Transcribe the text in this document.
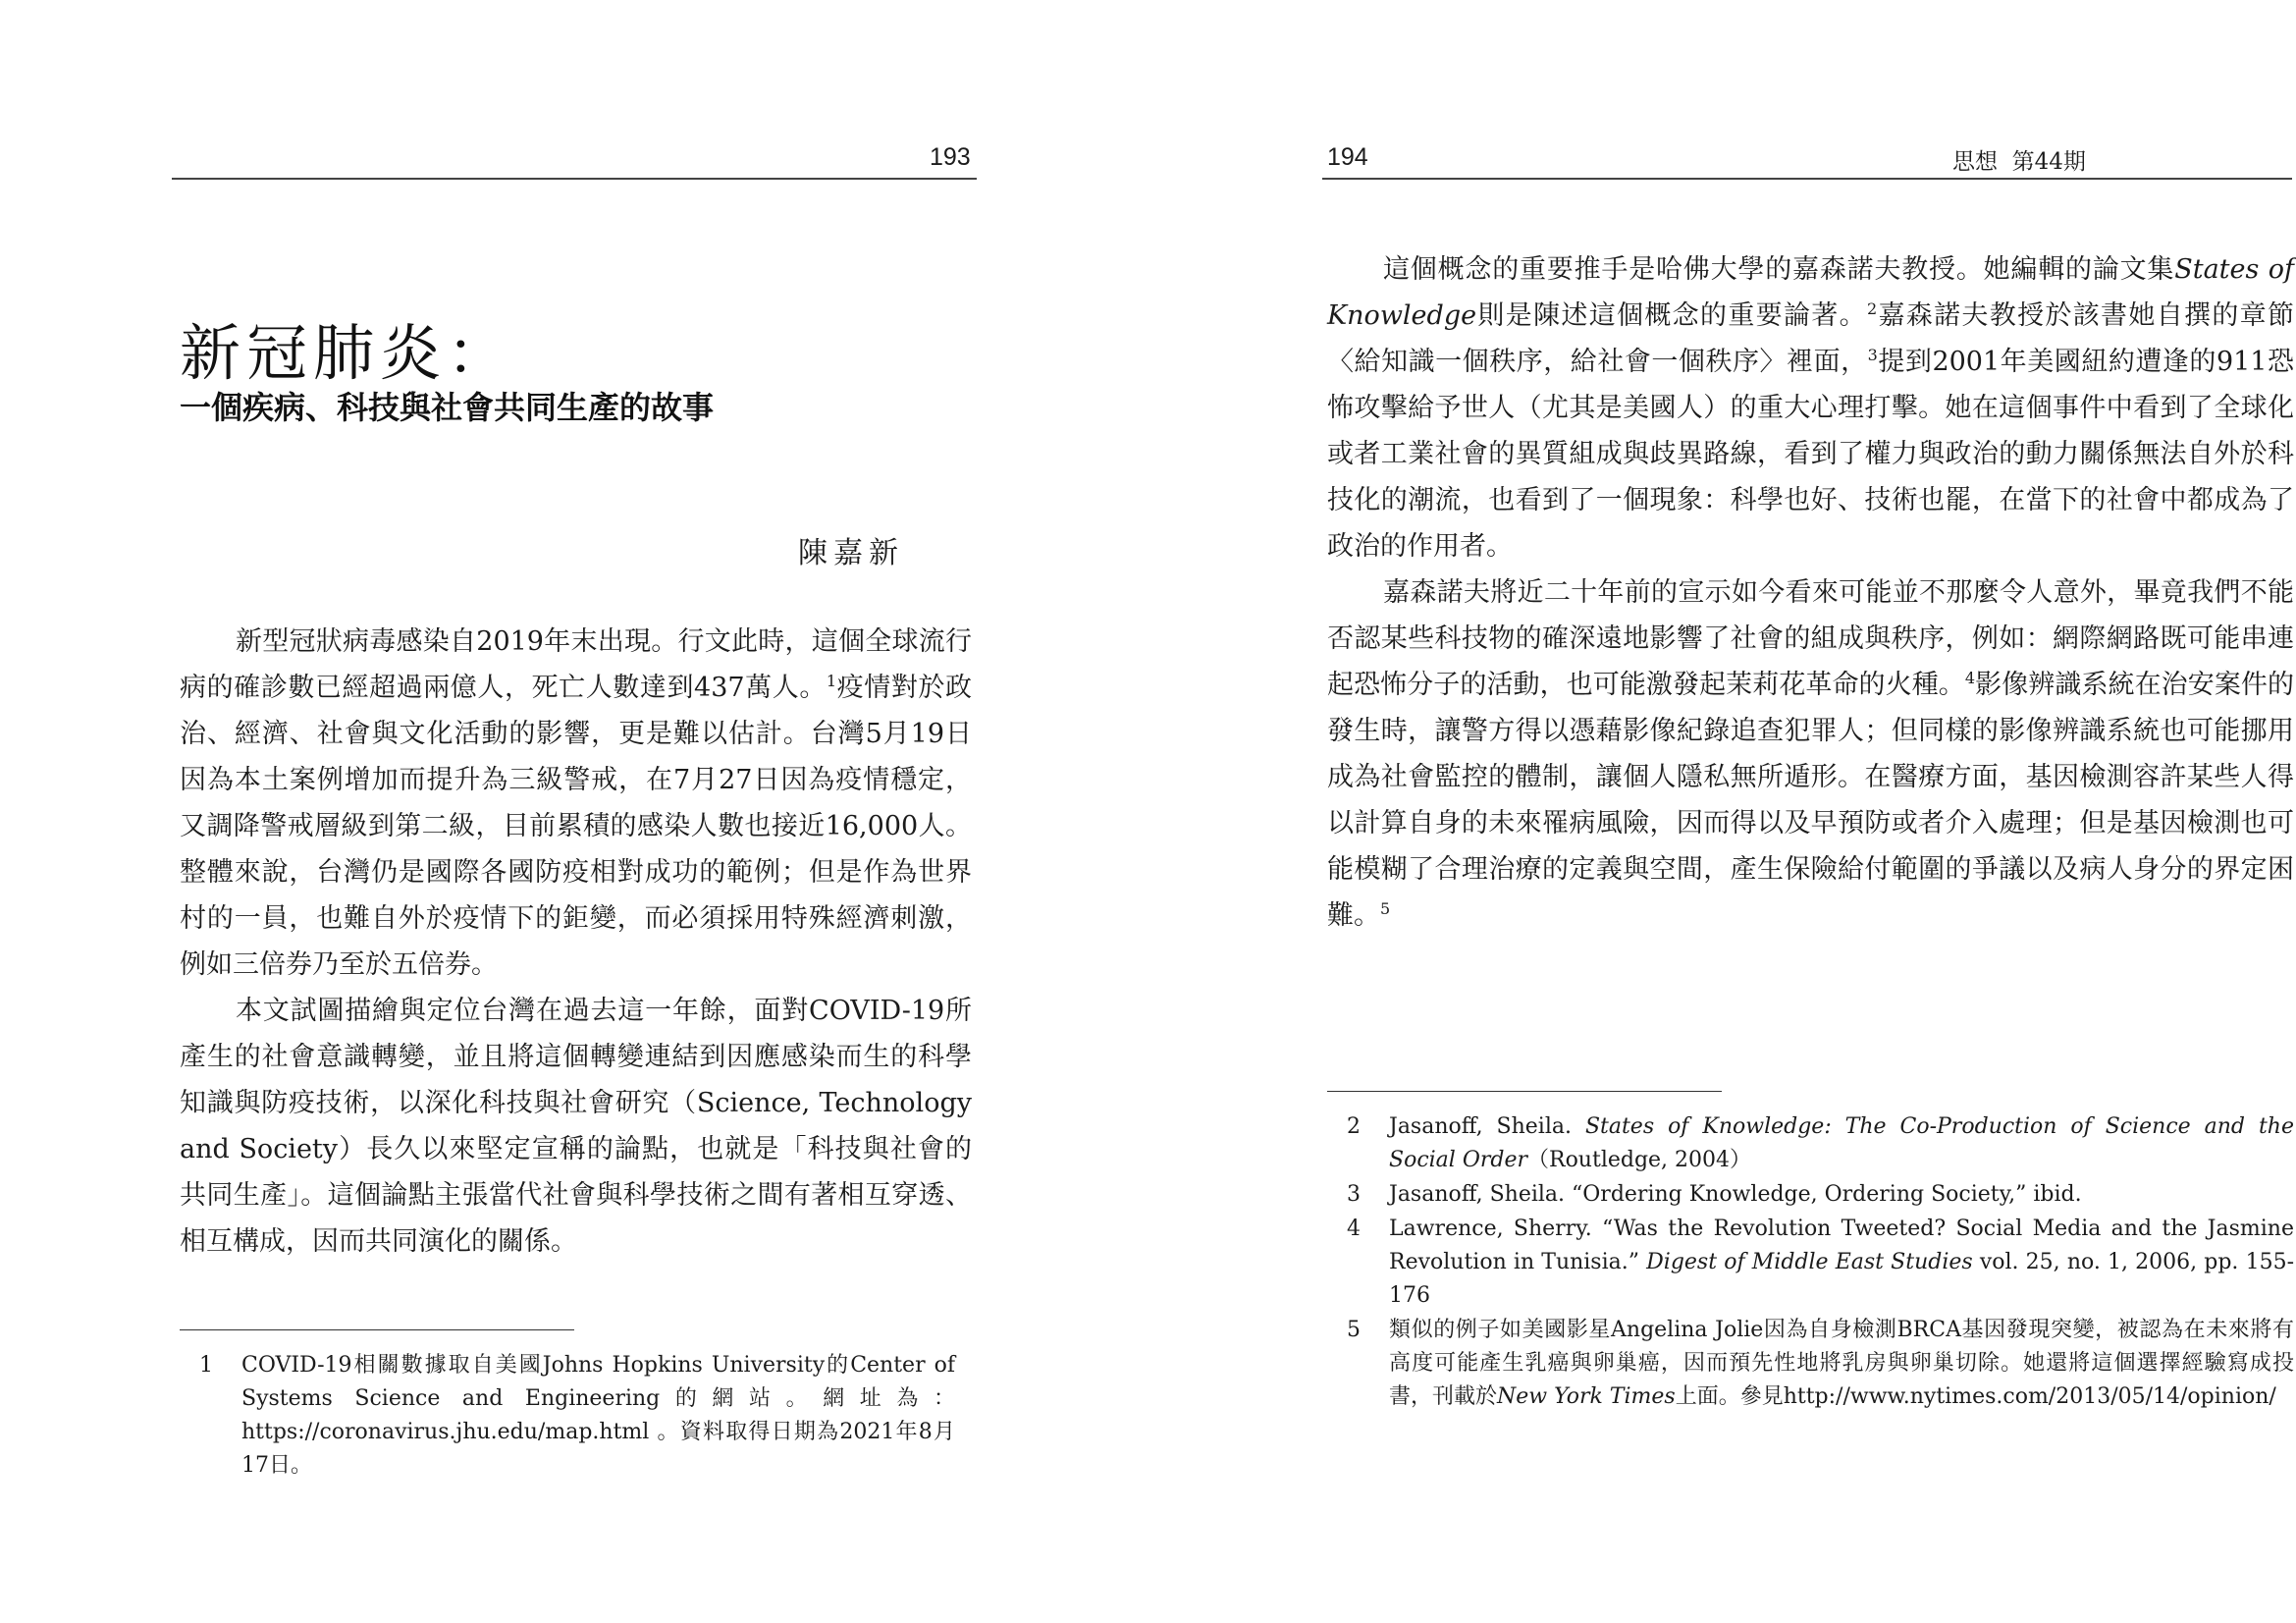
193
新冠肺炎：
一個疾病、科技與社會共同生產的故事
陳嘉新

新型冠狀病毒感染自2019年末出現。行文此時，這個全球流行病的確診數已經超過兩億人，死亡人數達到437萬人。$^1$疫情對於政治、經濟、社會與文化活動的影響，更是難以估計。台灣5月19日因為本土案例增加而提升為三級警戒，在7月27日因為疫情穩定，又調降警戒層級到第二級，目前累積的感染人數也接近16,000人。整體來說，台灣仍是國際各國防疫相對成功的範例；但是作為世界村的一員，也難自外於疫情下的鉅變，而必須採用特殊經濟刺激，例如三倍券乃至於五倍券。

本文試圖描繪與定位台灣在過去這一年餘，面對COVID-19所產生的社會意識轉變，並且將這個轉變連結到因應感染而生的科學知識與防疫技術，以深化科技與社會研究（Science, Technology and Society）長久以來堅定宣稱的論點，也就是「科技與社會的共同生產」。這個論點主張當代社會與科學技術之間有著相互穿透、相互構成，因而共同演化的關係。

1	COVID-19相關數據取自美國Johns Hopkins University的Center of Systems Science and Engineering的網站。網址為：https://coronavirus.jhu.edu/map.html 。資料取得日期為2021年8月17日。
194	思想  第44期

這個概念的重要推手是哈佛大學的嘉森諾夫教授。她編輯的論文集States of Knowledge則是陳述這個概念的重要論著。$^2$嘉森諾夫教授於該書她自撰的章節〈給知識一個秩序，給社會一個秩序〉裡面，$^3$提到2001年美國紐約遭逢的911恐怖攻擊給予世人（尤其是美國人）的重大心理打擊。她在這個事件中看到了全球化或者工業社會的異質組成與歧異路線，看到了權力與政治的動力關係無法自外於科技化的潮流，也看到了一個現象：科學也好、技術也罷，在當下的社會中都成為了政治的作用者。

嘉森諾夫將近二十年前的宣示如今看來可能並不那麼令人意外，畢竟我們不能否認某些科技物的確深遠地影響了社會的組成與秩序，例如：網際網路既可能串連起恐怖分子的活動，也可能激發起茉莉花革命的火種。$^4$影像辨識系統在治安案件的發生時，讓警方得以憑藉影像紀錄追查犯罪人；但同樣的影像辨識系統也可能挪用成為社會監控的體制，讓個人隱私無所遁形。在醫療方面，基因檢測容許某些人得以計算自身的未來罹病風險，因而得以及早預防或者介入處理；但是基因檢測也可能模糊了合理治療的定義與空間，產生保險給付範圍的爭議以及病人身分的界定困難。$^5$

2	Jasanoff, Sheila. States of Knowledge: The Co-Production of Science and the Social Order（Routledge, 2004）
3	Jasanoff, Sheila. “Ordering Knowledge, Ordering Society,” ibid.
4	Lawrence, Sherry. “Was the Revolution Tweeted? Social Media and the Jasmine Revolution in Tunisia.” Digest of Middle East Studies vol. 25, no. 1, 2006, pp. 155-176
5	類似的例子如美國影星Angelina Jolie因為自身檢測BRCA基因發現突變，被認為在未來將有高度可能產生乳癌與卵巢癌，因而預先性地將乳房與卵巢切除。她還將這個選擇經驗寫成投書，刊載於New York Times上面。參見http://www.nytimes.com/2013/05/14/opinion/
